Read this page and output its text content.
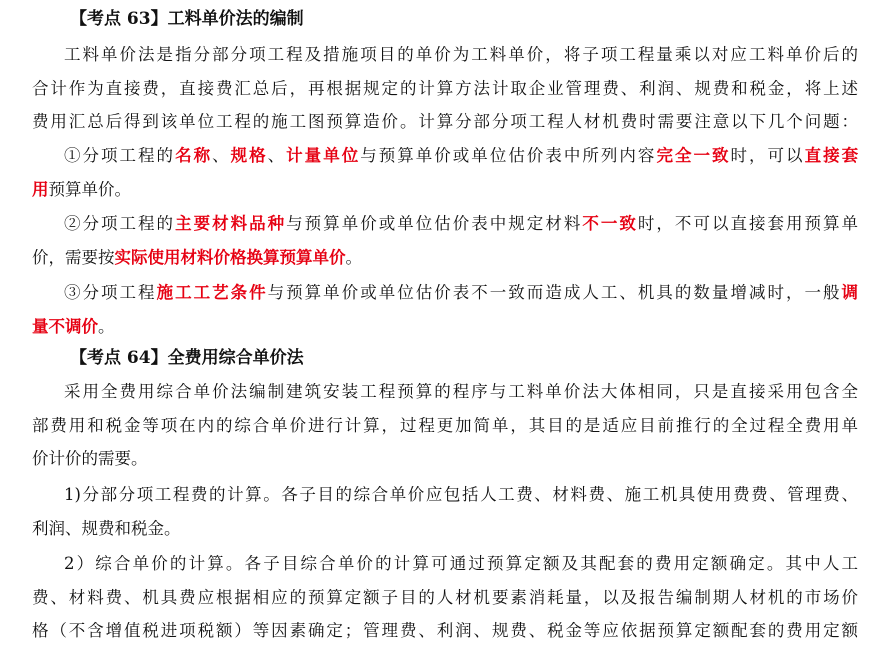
【考点 63】工料单价法的编制
工料单价法是指分部分项工程及措施项目的单价为工料单价，将子项工程量乘以对应工料单价后的
合计作为直接费，直接费汇总后，再根据规定的计算方法计取企业管理费、利润、规费和税金，将上述
费用汇总后得到该单位工程的施工图预算造价。计算分部分项工程人材机费时需要注意以下几个问题：
①分项工程的名称、规格、计量单位与预算单价或单位估价表中所列内容完全一致时，可以直接套
用预算单价。
②分项工程的主要材料品种与预算单价或单位估价表中规定材料不一致时，不可以直接套用预算单
价，需要按实际使用材料价格换算预算单价。
③分项工程施工工艺条件与预算单价或单位估价表不一致而造成人工、机具的数量增减时，一般调
量不调价。
【考点 64】全费用综合单价法
采用全费用综合单价法编制建筑安装工程预算的程序与工料单价法大体相同，只是直接采用包含全
部费用和税金等项在内的综合单价进行计算，过程更加简单，其目的是适应目前推行的全过程全费用单
价计价的需要。
1)分部分项工程费的计算。各子目的综合单价应包括人工费、材料费、施工机具使用费费、管理费、
利润、规费和税金。
2）综合单价的计算。各子目综合单价的计算可通过预算定额及其配套的费用定额确定。其中人工
费、材料费、机具费应根据相应的预算定额子目的人材机要素消耗量，以及报告编制期人材机的市场价
格（不含增值税进项税额）等因素确定；管理费、利润、规费、税金等应依据预算定额配套的费用定额
